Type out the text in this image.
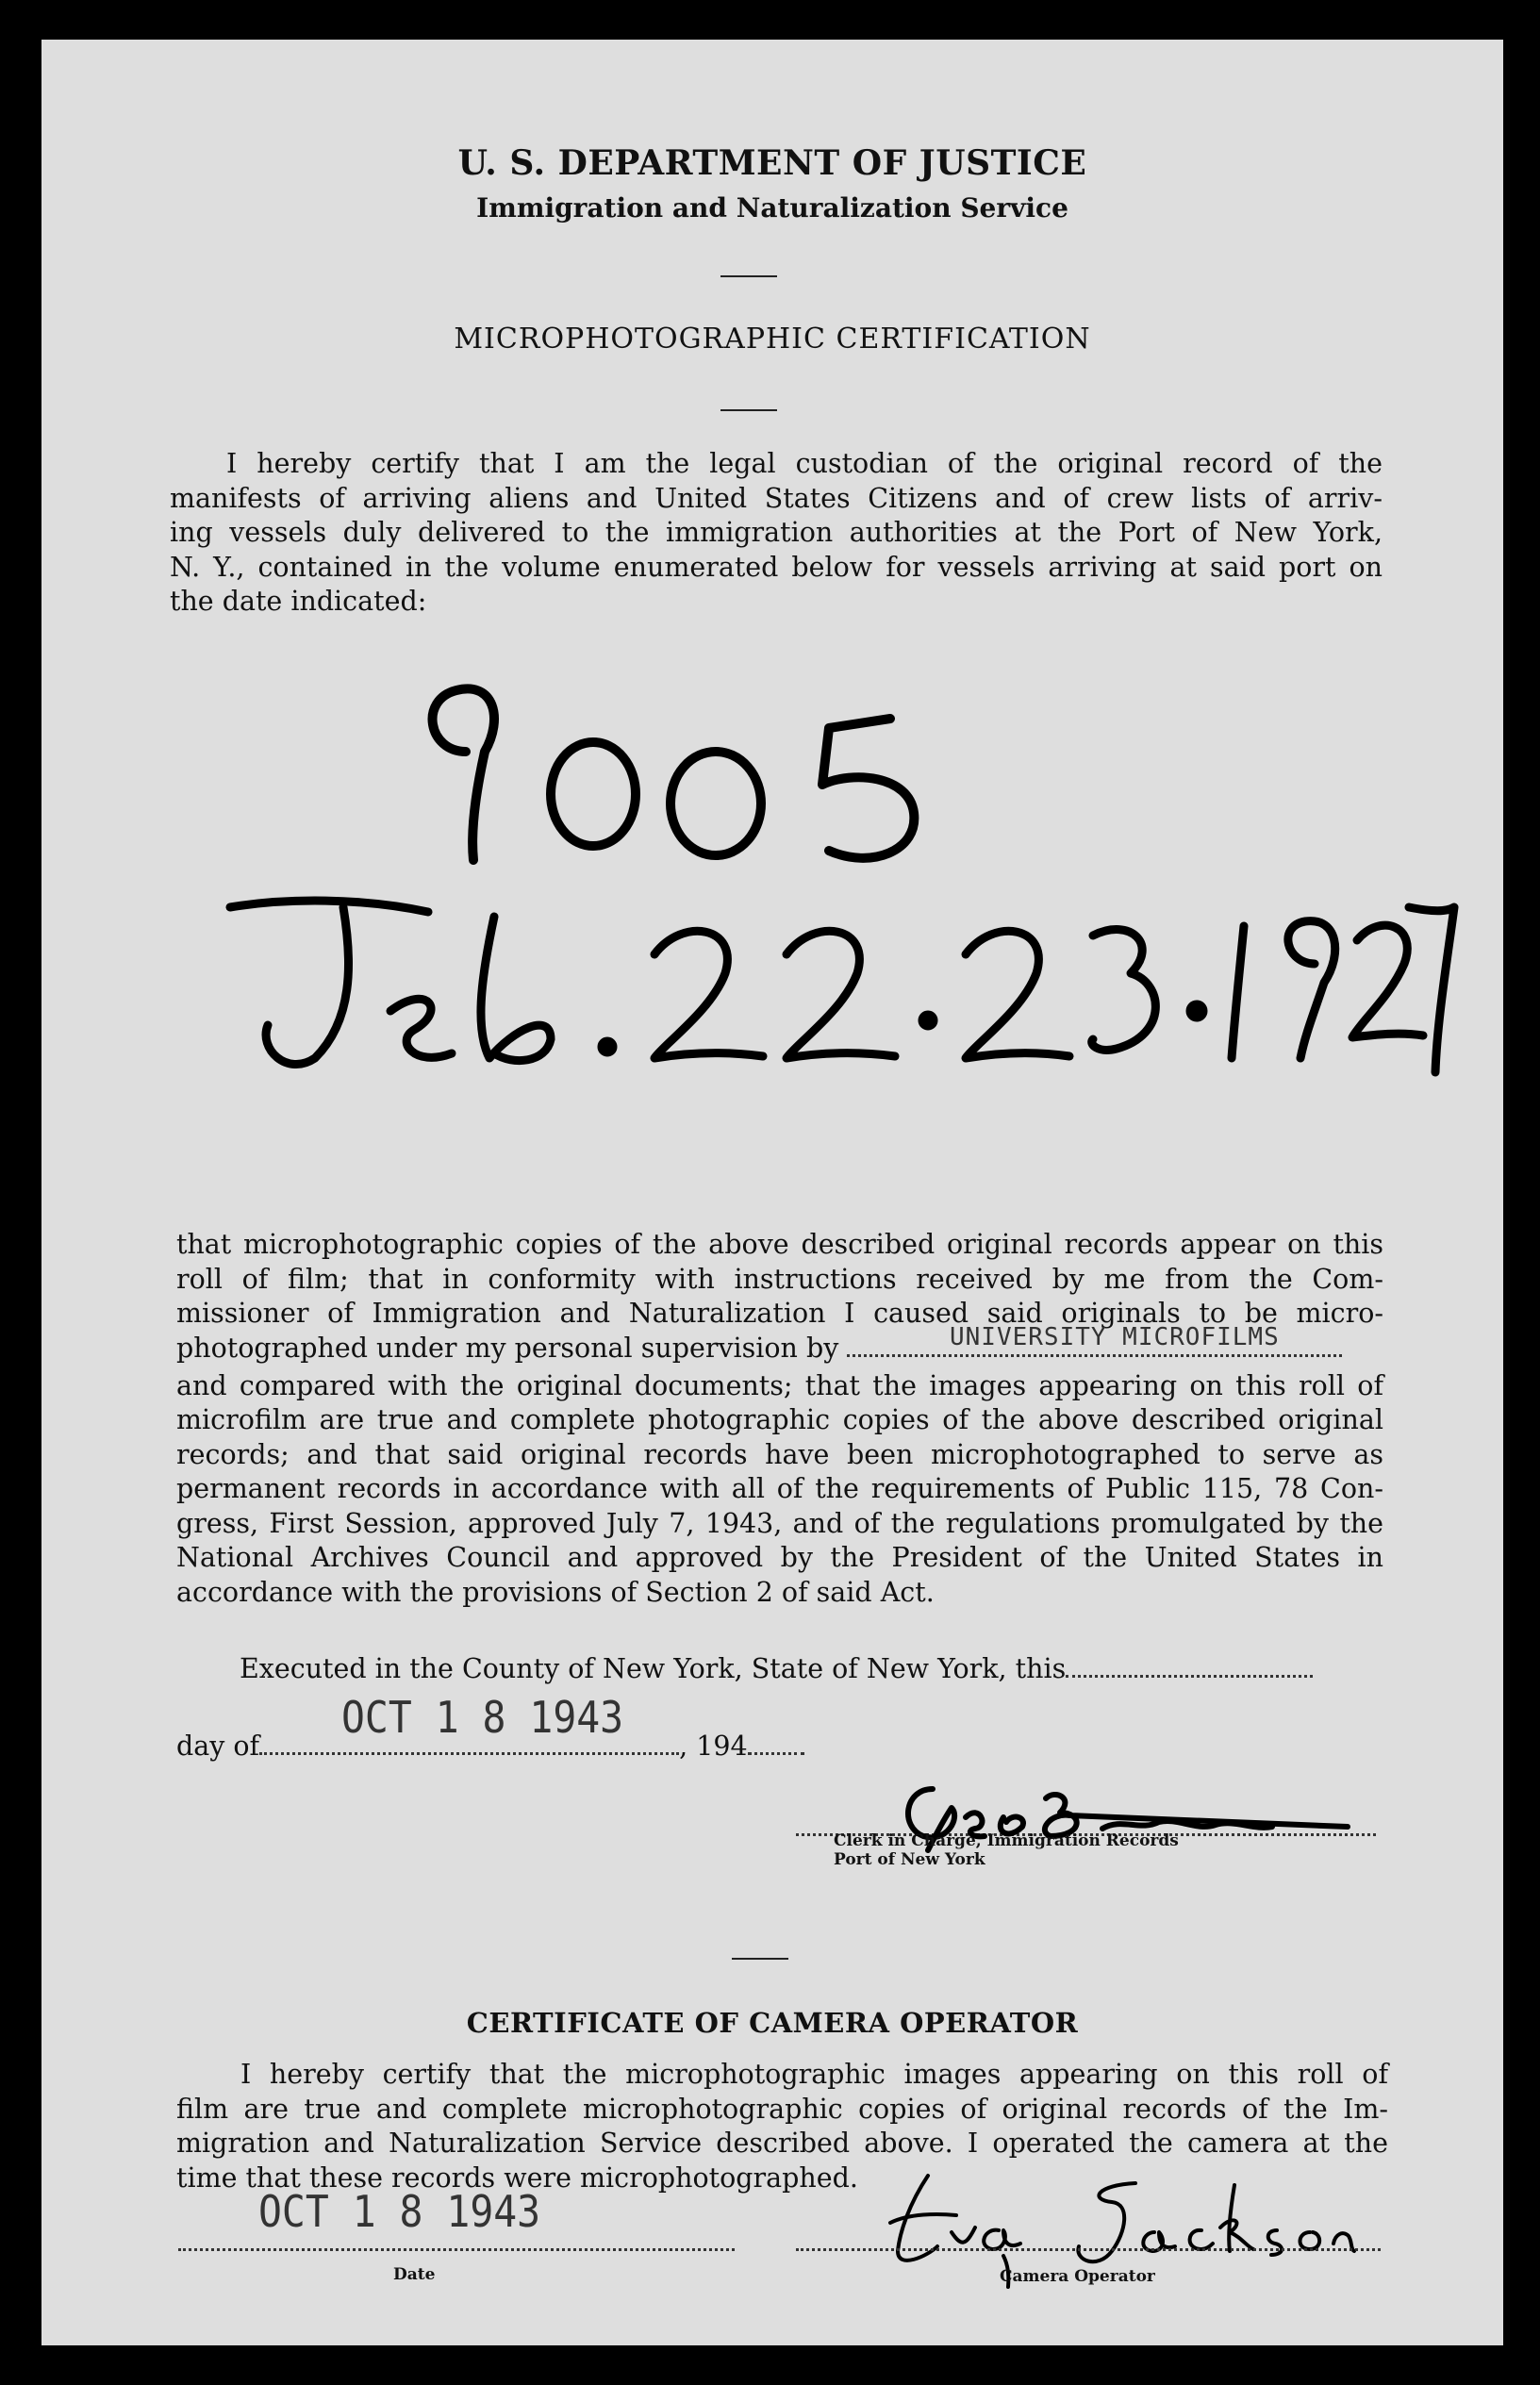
U. S. DEPARTMENT OF JUSTICE
Immigration and Naturalization Service
MICROPHOTOGRAPHIC CERTIFICATION
I hereby certify that I am the legal custodian of the original record of the
manifests of arriving aliens and United States Citizens and of crew lists of arriv-
ing vessels duly delivered to the immigration authorities at the Port of New York,
N. Y., contained in the volume enumerated below for vessels arriving at said port on
the date indicated:
that microphotographic copies of the above described original records appear on this
roll of film; that in conformity with instructions received by me from the Com-
missioner of Immigration and Naturalization I caused said originals to be micro-
photographed under my personal supervision by	UNIVERSITY MICROFILMS
and compared with the original documents; that the images appearing on this roll of
microfilm are true and complete photographic copies of the above described original
records; and that said original records have been microphotographed to serve as
permanent records in accordance with all of the requirements of Public 115, 78 Con-
gress, First Session, approved July 7, 1943, and of the regulations promulgated by the
National Archives Council and approved by the President of the United States in
accordance with the provisions of Section 2 of said Act.
Executed in the County of New York, State of New York, this
day of	, 194
OCT 1 8 1943
Clerk in Charge, Immigration Records
Port of New York
CERTIFICATE OF CAMERA OPERATOR
I hereby certify that the microphotographic images appearing on this roll of
film are true and complete microphotographic copies of original records of the Im-
migration and Naturalization Service described above. I operated the camera at the
time that these records were microphotographed.
OCT 1 8 1943
Date	Camera Operator
